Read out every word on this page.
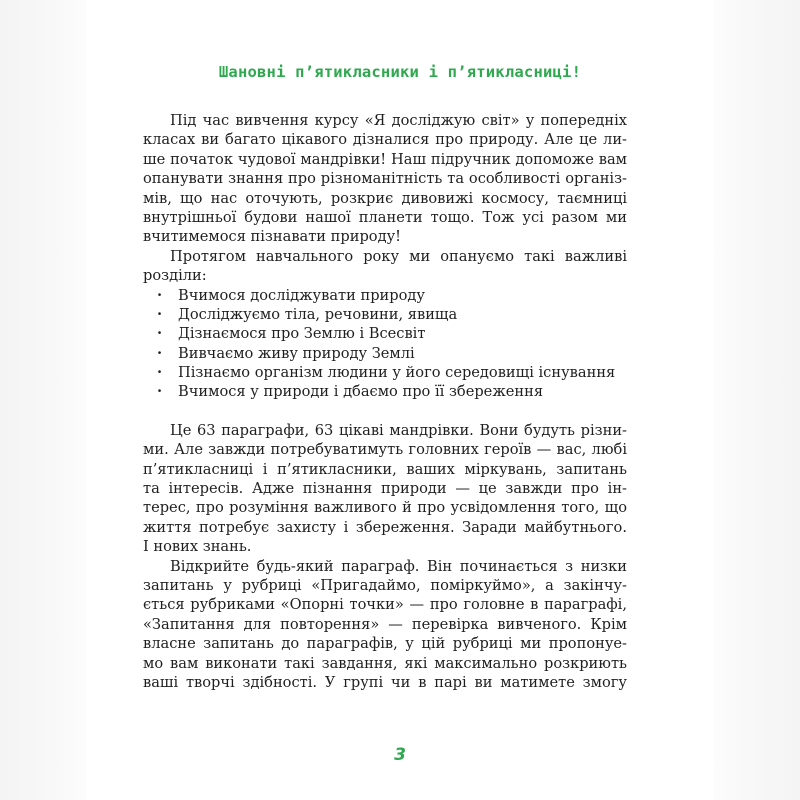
Шановні п’ятикласники і п’ятикласниці!
Під час вивчення курсу «Я досліджую світ» у попередніх
класах ви багато цікавого дізналися про природу. Але це ли-
ше початок чудової мандрівки! Наш підручник допоможе вам
опанувати знання про різноманітність та особливості організ-
мів, що нас оточують, розкриє дивовижі космосу, таємниці
внутрішньої будови нашої планети тощо. Тож усі разом ми
вчитимемося пізнавати природу!
Протягом навчального року ми опануємо такі важливі
розділи:
· Вчимося досліджувати природу
· Досліджуємо тіла, речовини, явища
· Дізнаємося про Землю і Всесвіт
· Вивчаємо живу природу Землі
· Пізнаємо організм людини у його середовищі існування
· Вчимося у природи і дбаємо про її збереження
Це 63 параграфи, 63 цікаві мандрівки. Вони будуть різни-
ми. Але завжди потребуватимуть головних героїв — вас, любі
п’ятикласниці і п’ятикласники, ваших міркувань, запитань
та інтересів. Адже пізнання природи — це завжди про ін-
терес, про розуміння важливого й про усвідомлення того, що
життя потребує захисту і збереження. Заради майбутнього.
І нових знань.
Відкрийте будь-який параграф. Він починається з низки
запитань у рубриці «Пригадаймо, поміркуймо», а закінчу-
ється рубриками «Опорні точки» — про головне в параграфі,
«Запитання для повторення» — перевірка вивченого. Крім
власне запитань до параграфів, у цій рубриці ми пропонуе-
мо вам виконати такі завдання, які максимально розкриють
ваші творчі здібності. У групі чи в парі ви матимете змогу
3
